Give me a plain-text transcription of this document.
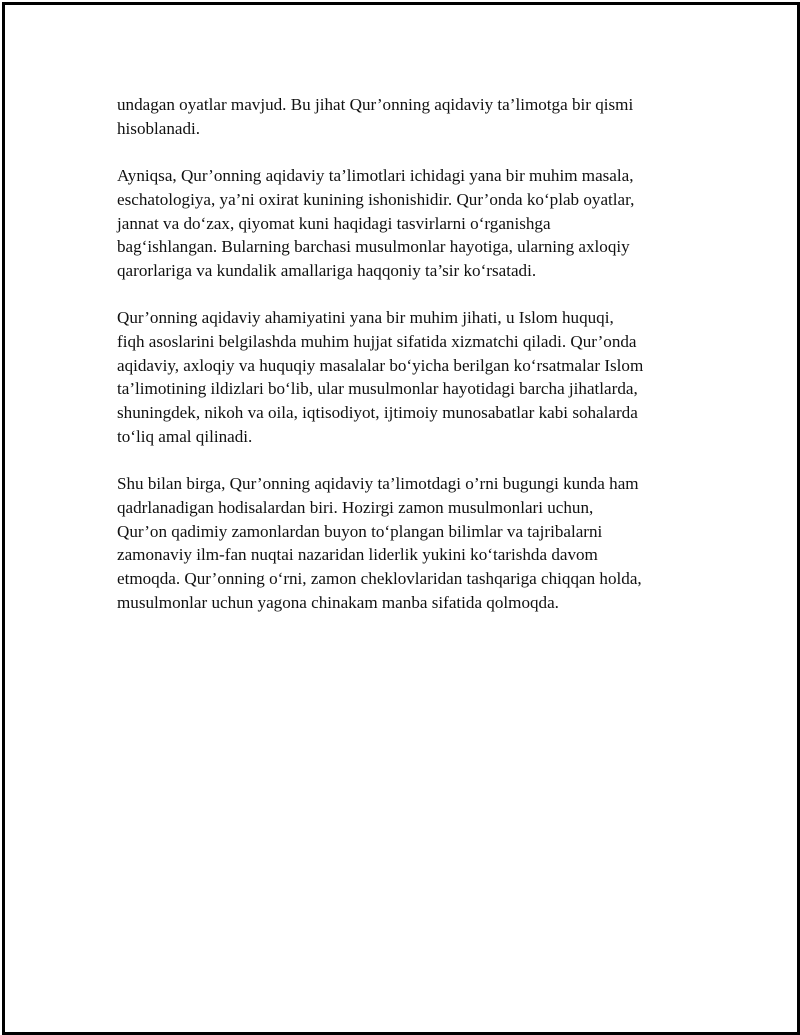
undagan oyatlar mavjud. Bu jihat Qur’onning aqidaviy ta’limotga bir qismi
hisoblanadi.

Ayniqsa, Qur’onning aqidaviy ta’limotlari ichidagi yana bir muhim masala,
eschatologiya, ya’ni oxirat kunining ishonishidir. Qur’onda ko‘plab oyatlar,
jannat va do‘zax, qiyomat kuni haqidagi tasvirlarni o‘rganishga
bag‘ishlangan. Bularning barchasi musulmonlar hayotiga, ularning axloqiy
qarorlariga va kundalik amallariga haqqoniy ta’sir ko‘rsatadi.

Qur’onning aqidaviy ahamiyatini yana bir muhim jihati, u Islom huquqi,
fiqh asoslarini belgilashda muhim hujjat sifatida xizmatchi qiladi. Qur’onda
aqidaviy, axloqiy va huquqiy masalalar bo‘yicha berilgan ko‘rsatmalar Islom
ta’limotining ildizlari bo‘lib, ular musulmonlar hayotidagi barcha jihatlarda,
shuningdek, nikoh va oila, iqtisodiyot, ijtimoiy munosabatlar kabi sohalarda
to‘liq amal qilinadi.

Shu bilan birga, Qur’onning aqidaviy ta’limotdagi o’rni bugungi kunda ham
qadrlanadigan hodisalardan biri. Hozirgi zamon musulmonlari uchun,
Qur’on qadimiy zamonlardan buyon to‘plangan bilimlar va tajribalarni
zamonaviy ilm-fan nuqtai nazaridan liderlik yukini ko‘tarishda davom
etmoqda. Qur’onning o‘rni, zamon cheklovlaridan tashqariga chiqqan holda,
musulmonlar uchun yagona chinakam manba sifatida qolmoqda.
